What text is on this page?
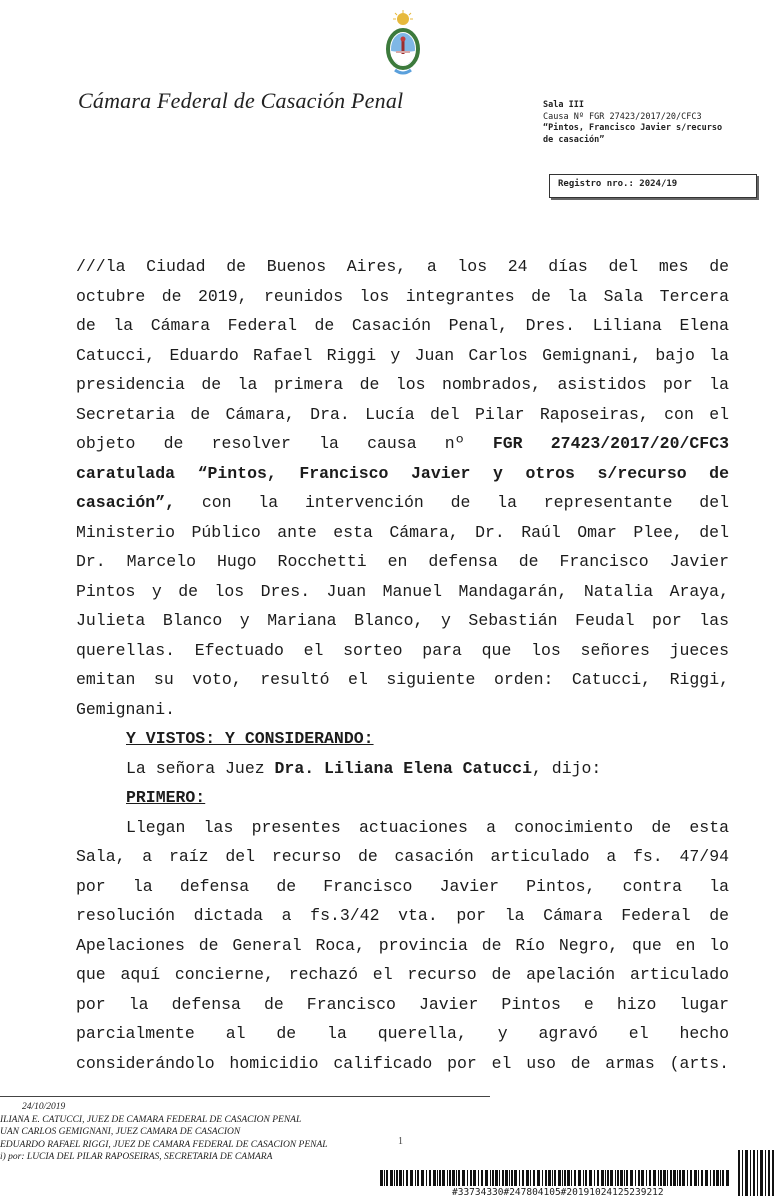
Cámara Federal de Casación Penal	Sala III
Causa Nº FGR 27423/2017/20/CFC3
“Pintos, Francisco Javier s/recurso
de casación”
Registro nro.: 2024/19
///la Ciudad de Buenos Aires, a los 24 días del mes de
octubre de 2019, reunidos los integrantes de la Sala Tercera
de la Cámara Federal de Casación Penal, Dres. Liliana Elena
Catucci, Eduardo Rafael Riggi y Juan Carlos Gemignani, bajo la
presidencia de la primera de los nombrados, asistidos por la
Secretaria de Cámara, Dra. Lucía del Pilar Raposeiras, con el
objeto de resolver la causa nº FGR 27423/2017/20/CFC3
caratulada “Pintos, Francisco Javier y otros s/recurso de
casación”, con la intervención de la representante del
Ministerio Público ante esta Cámara, Dr. Raúl Omar Plee, del
Dr. Marcelo Hugo Rocchetti en defensa de Francisco Javier
Pintos y de los Dres. Juan Manuel Mandagarán, Natalia Araya,
Julieta Blanco y Mariana Blanco, y Sebastián Feudal por las
querellas. Efectuado el sorteo para que los señores jueces
emitan su voto, resultó el siguiente orden: Catucci, Riggi,
Gemignani.
Y VISTOS: Y CONSIDERANDO:
La señora Juez Dra. Liliana Elena Catucci, dijo:
PRIMERO:
Llegan las presentes actuaciones a conocimiento de esta
Sala, a raíz del recurso de casación articulado a fs. 47/94
por la defensa de Francisco Javier Pintos, contra la
resolución dictada a fs.3/42 vta. por la Cámara Federal de
Apelaciones de General Roca, provincia de Río Negro, que en lo
que aquí concierne, rechazó el recurso de apelación articulado
por la defensa de Francisco Javier Pintos e hizo lugar
parcialmente al de la querella, y agravó el hecho
considerándolo homicidio calificado por el uso de armas (arts.
24/10/2019
ILIANA E. CATUCCI, JUEZ DE CAMARA FEDERAL DE CASACION PENAL
UAN CARLOS GEMIGNANI, JUEZ CAMARA DE CASACION
EDUARDO RAFAEL RIGGI, JUEZ DE CAMARA FEDERAL DE CASACION PENAL
i) por: LUCIA DEL PILAR RAPOSEIRAS, SECRETARIA DE CAMARA
1
#33734330#247804105#20191024125239212
